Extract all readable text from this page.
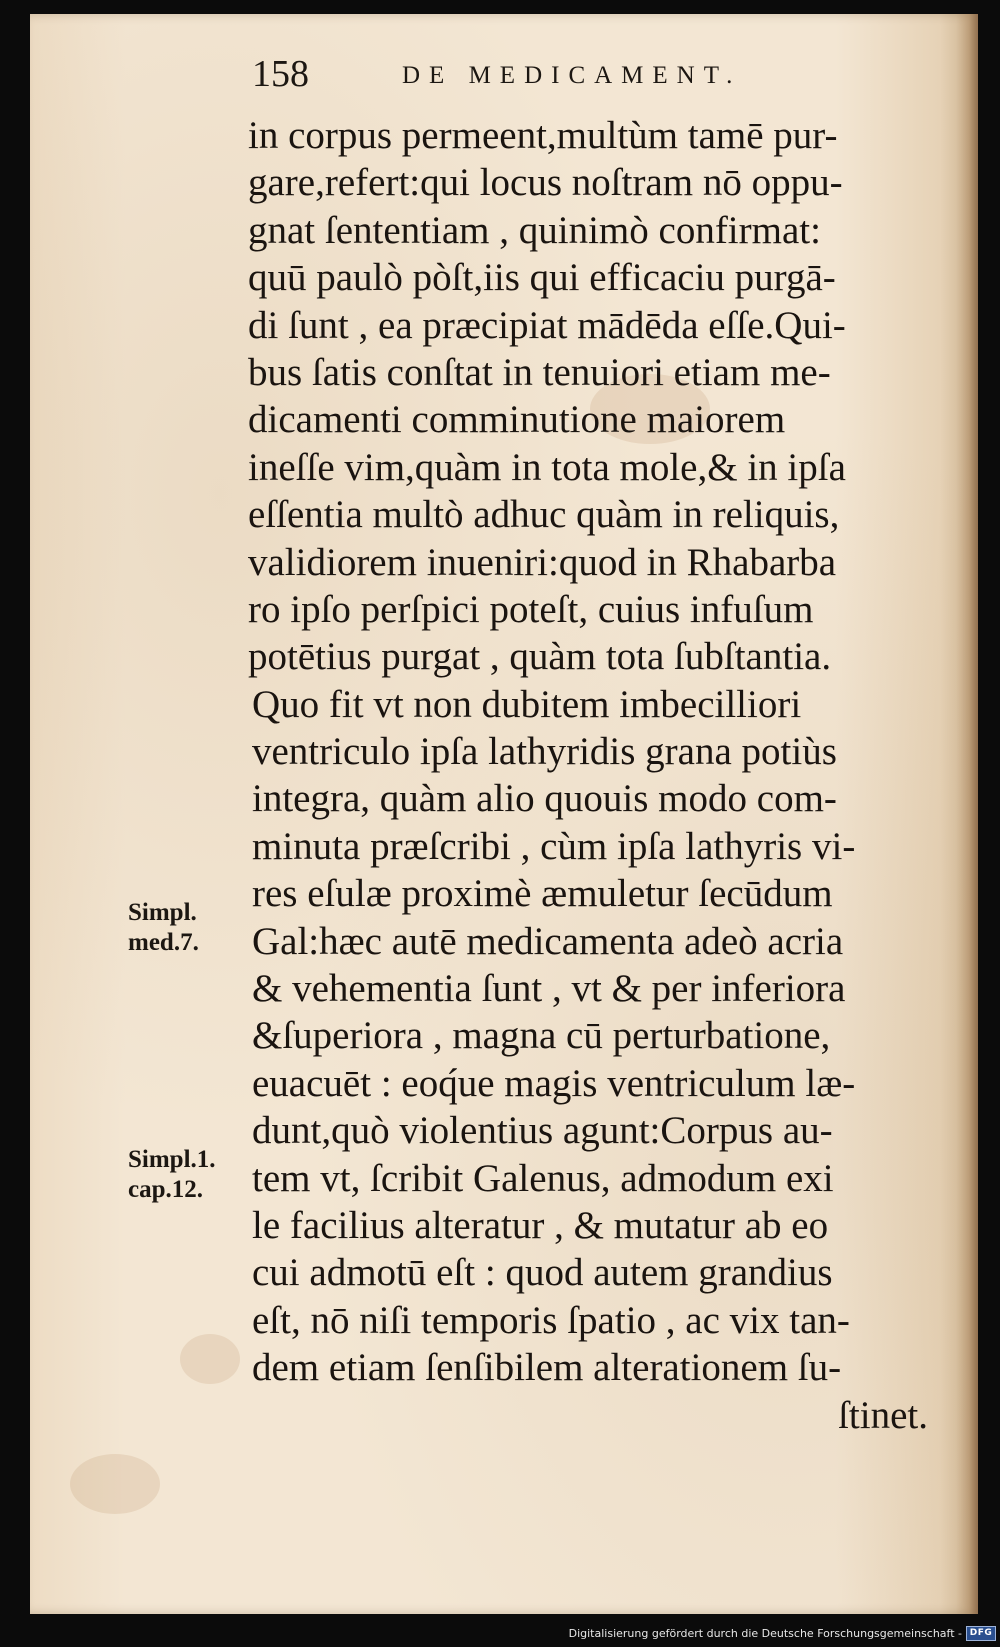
158	DE MEDICAMENT.
in corpus permeent,multùm tamē pur-
gare,refert:qui locus noſtram nō oppu-
gnat ſententiam , quinimò confirmat:
quū paulò pòſt,iis qui efficaciu purgā-
di ſunt , ea præcipiat mādēda eſſe.Qui-
bus ſatis conſtat in tenuiori etiam me-
dicamenti comminutione maiorem
ineſſe vim,quàm in tota mole,& in ipſa
eſſentia multò adhuc quàm in reliquis,
validiorem inueniri:quod in Rhabarba
ro ipſo perſpici poteſt, cuius infuſum
potētius purgat , quàm tota ſubſtantia.
Quo fit vt non dubitem imbecilliori
ventriculo ipſa lathyridis grana potiùs
integra, quàm alio quouis modo com-
minuta præſcribi , cùm ipſa lathyris vi-
res eſulæ proximè æmuletur ſecūdum
Gal:hæc autē medicamenta adeò acria
& vehementia ſunt , vt & per inferiora
&ſuperiora , magna cū perturbatione,
euacuēt : eoq́ue magis ventriculum læ-
dunt,quò violentius agunt:Corpus au-
tem vt, ſcribit Galenus, admodum exi
le facilius alteratur , & mutatur ab eo
cui admotū eſt : quod autem grandius
eſt, nō niſi temporis ſpatio , ac vix tan-
dem etiam ſenſibilem alterationem ſu-
ſtinet.
Simpl.
med.7.
Simpl.1.
cap.12.
Digitalisierung gefördert durch die Deutsche Forschungsgemeinschaft - DFG
